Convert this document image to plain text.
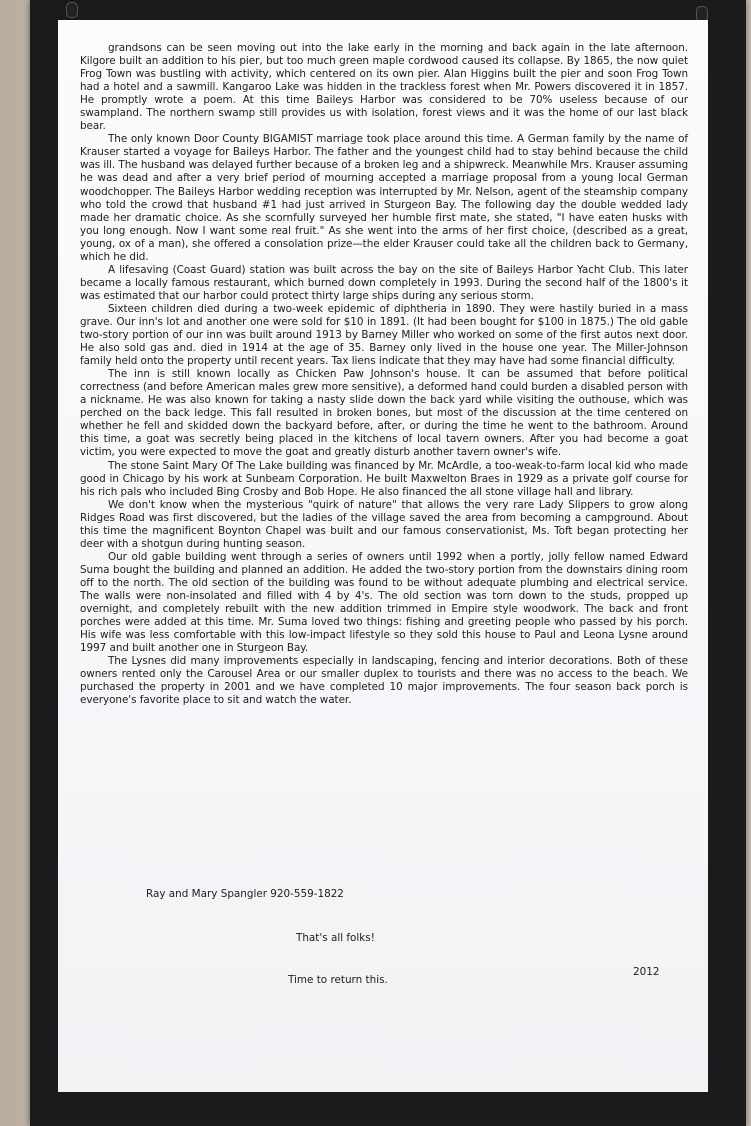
grandsons can be seen moving out into the lake early in the morning and back again in the late afternoon. Kilgore built an addition to his pier, but too much green maple cordwood caused its collapse. By 1865, the now quiet Frog Town was bustling with activity, which centered on its own pier. Alan Higgins built the pier and soon Frog Town had a hotel and a sawmill. Kangaroo Lake was hidden in the trackless forest when Mr. Powers discovered it in 1857. He promptly wrote a poem. At this time Baileys Harbor was considered to be 70% useless because of our swampland. The northern swamp still provides us with isolation, forest views and it was the home of our last black bear.

The only known Door County BIGAMIST marriage took place around this time. A German family by the name of Krauser started a voyage for Baileys Harbor. The father and the youngest child had to stay behind because the child was ill. The husband was delayed further because of a broken leg and a shipwreck. Meanwhile Mrs. Krauser assuming he was dead and after a very brief period of mourning accepted a marriage proposal from a young local German woodchopper. The Baileys Harbor wedding reception was interrupted by Mr. Nelson, agent of the steamship company who told the crowd that husband #1 had just arrived in Sturgeon Bay. The following day the double wedded lady made her dramatic choice. As she scornfully surveyed her humble first mate, she stated, "I have eaten husks with you long enough. Now I want some real fruit." As she went into the arms of her first choice, (described as a great, young, ox of a man), she offered a consolation prize—the elder Krauser could take all the children back to Germany, which he did.

A lifesaving (Coast Guard) station was built across the bay on the site of Baileys Harbor Yacht Club. This later became a locally famous restaurant, which burned down completely in 1993. During the second half of the 1800's it was estimated that our harbor could protect thirty large ships during any serious storm.

Sixteen children died during a two-week epidemic of diphtheria in 1890. They were hastily buried in a mass grave. Our inn's lot and another one were sold for $10 in 1891. (It had been bought for $100 in 1875.) The old gable two-story portion of our inn was built around 1913 by Barney Miller who worked on some of the first autos next door. He also sold gas and. died in 1914 at the age of 35. Barney only lived in the house one year. The Miller-Johnson family held onto the property until recent years. Tax liens indicate that they may have had some financial difficulty.

The inn is still known locally as Chicken Paw Johnson's house. It can be assumed that before political correctness (and before American males grew more sensitive), a deformed hand could burden a disabled person with a nickname. He was also known for taking a nasty slide down the back yard while visiting the outhouse, which was perched on the back ledge. This fall resulted in broken bones, but most of the discussion at the time centered on whether he fell and skidded down the backyard before, after, or during the time he went to the bathroom. Around this time, a goat was secretly being placed in the kitchens of local tavern owners. After you had become a goat victim, you were expected to move the goat and greatly disturb another tavern owner's wife.

The stone Saint Mary Of The Lake building was financed by Mr. McArdle, a too-weak-to-farm local kid who made good in Chicago by his work at Sunbeam Corporation. He built Maxwelton Braes in 1929 as a private golf course for his rich pals who included Bing Crosby and Bob Hope. He also financed the all stone village hall and library.

We don't know when the mysterious "quirk of nature" that allows the very rare Lady Slippers to grow along Ridges Road was first discovered, but the ladies of the village saved the area from becoming a campground. About this time the magnificent Boynton Chapel was built and our famous conservationist, Ms. Toft began protecting her deer with a shotgun during hunting season.

Our old gable building went through a series of owners until 1992 when a portly, jolly fellow named Edward Suma bought the building and planned an addition. He added the two-story portion from the downstairs dining room off to the north. The old section of the building was found to be without adequate plumbing and electrical service. The walls were non-insolated and filled with 4 by 4's. The old section was torn down to the studs, propped up overnight, and completely rebuilt with the new addition trimmed in Empire style woodwork. The back and front porches were added at this time. Mr. Suma loved two things: fishing and greeting people who passed by his porch. His wife was less comfortable with this low-impact lifestyle so they sold this house to Paul and Leona Lysne around 1997 and built another one in Sturgeon Bay.

The Lysnes did many improvements especially in landscaping, fencing and interior decorations. Both of these owners rented only the Carousel Area or our smaller duplex to tourists and there was no access to the beach. We purchased the property in 2001 and we have completed 10 major improvements. The four season back porch is everyone's favorite place to sit and watch the water.

Ray and Mary Spangler 920-559-1822
That's all folks!
Time to return this.
2012
